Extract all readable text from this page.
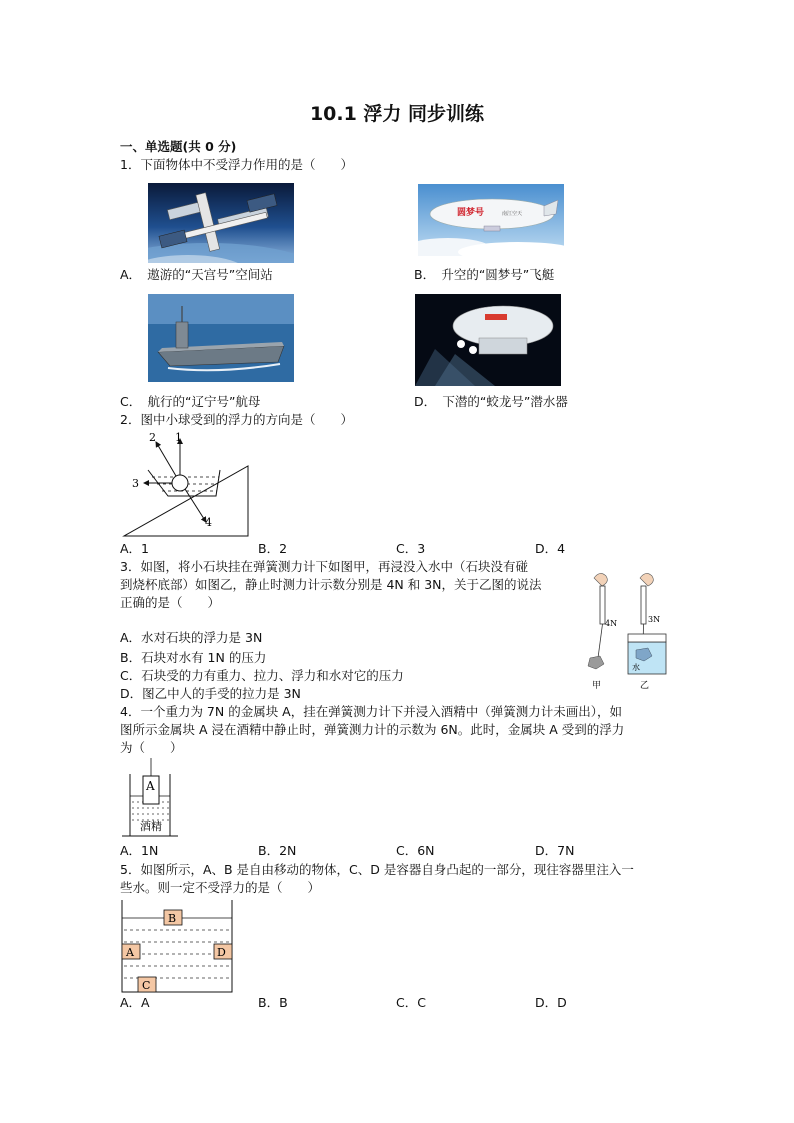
10.1 浮力 同步训练
一、单选题(共 0 分)
1．下面物体中不受浮力作用的是（　　）
圆梦号	南江空天
A．　遨游的“天宫号”空间站	B．　升空的“圆梦号”飞艇
C．　航行的“辽宁号”航母	D．　下潜的“蛟龙号”潜水器
2．图中小球受到的浮力的方向是（　　）
1
2
3
4
A．1	B．2	C．3	D．4
3．如图，将小石块挂在弹簧测力计下如图甲，再浸没入水中（石块没有碰
到烧杯底部）如图乙，静止时测力计示数分别是 4N 和 3N，关于乙图的说法
正确的是（　　）
A．水对石块的浮力是 3N
B．石块对水有 1N 的压力
C．石块受的力有重力、拉力、浮力和水对它的压力
D．图乙中人的手受的拉力是 3N
4N	3N
水
甲	乙
4．一个重力为 7N 的金属块 A，挂在弹簧测力计下并浸入酒精中（弹簧测力计未画出），如
图所示金属块 A 浸在酒精中静止时，弹簧测力计的示数为 6N。此时，金属块 A 受到的浮力
为（　　）
A
酒精
A．1N	B．2N	C．6N	D．7N
5．如图所示，A、B 是自由移动的物体，C、D 是容器自身凸起的一部分，现往容器里注入一
些水。则一定不受浮力的是（　　）
B
A	D
C
A．A	B．B	C．C	D．D
